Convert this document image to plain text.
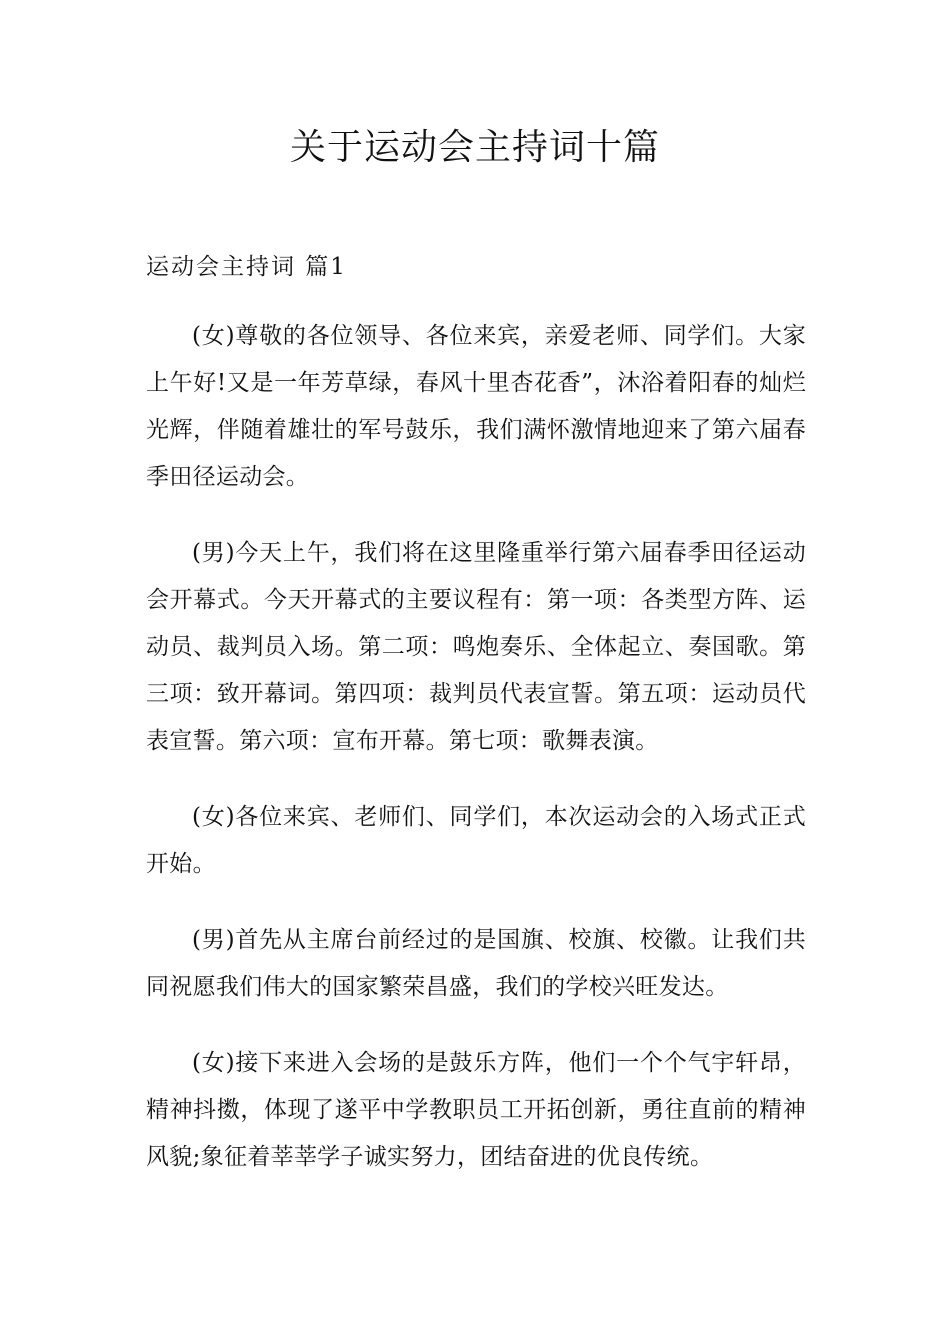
关于运动会主持词十篇
运动会主持词 篇1

(女)尊敬的各位领导、各位来宾，亲爱老师、同学们。大家上午好!又是一年芳草绿，春风十里杏花香”，沐浴着阳春的灿烂光辉，伴随着雄壮的军号鼓乐，我们满怀激情地迎来了第六届春季田径运动会。

(男)今天上午，我们将在这里隆重举行第六届春季田径运动会开幕式。今天开幕式的主要议程有：第一项：各类型方阵、运动员、裁判员入场。第二项：鸣炮奏乐、全体起立、奏国歌。第三项：致开幕词。第四项：裁判员代表宣誓。第五项：运动员代表宣誓。第六项：宣布开幕。第七项：歌舞表演。

(女)各位来宾、老师们、同学们，本次运动会的入场式正式开始。

(男)首先从主席台前经过的是国旗、校旗、校徽。让我们共同祝愿我们伟大的国家繁荣昌盛，我们的学校兴旺发达。

(女)接下来进入会场的是鼓乐方阵，他们一个个气宇轩昂，精神抖擞，体现了遂平中学教职员工开拓创新，勇往直前的精神风貌;象征着莘莘学子诚实努力，团结奋进的优良传统。
